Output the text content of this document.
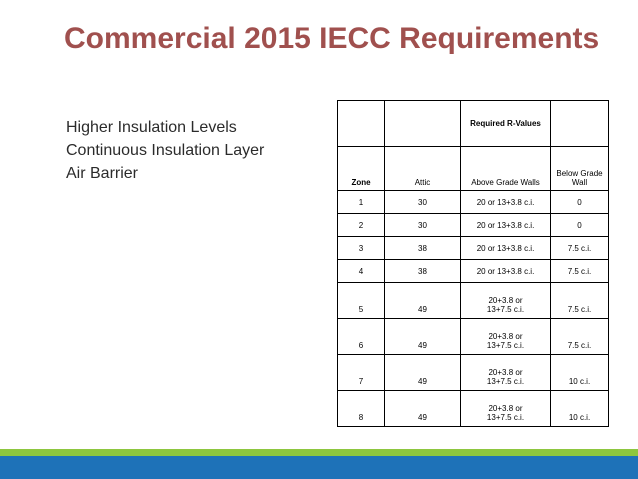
Commercial 2015 IECC Requirements
Higher Insulation Levels
Continuous Insulation Layer
Air Barrier
		Required R-Values	
Zone	Attic	Above Grade Walls	Below Grade Wall
1	30	20 or 13+3.8 c.i.	0
2	30	20 or 13+3.8 c.i.	0
3	38	20 or 13+3.8 c.i.	7.5 c.i.
4	38	20 or 13+3.8 c.i.	7.5 c.i.
5	49	20+3.8 or
13+7.5 c.i.	7.5 c.i.
6	49	20+3.8 or
13+7.5 c.i.	7.5 c.i.
7	49	20+3.8 or
13+7.5 c.i.	10 c.i.
8	49	20+3.8 or
13+7.5 c.i.	10 c.i.
